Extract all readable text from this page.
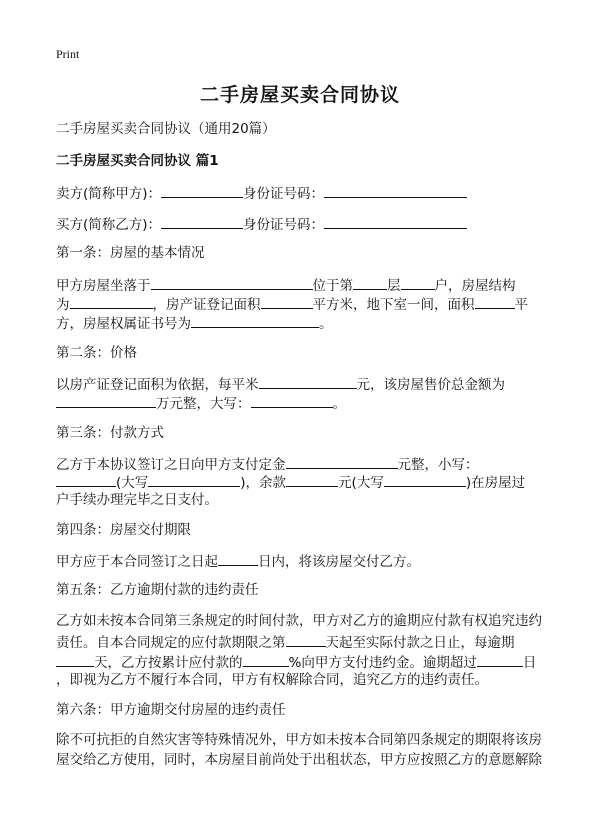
Print
二手房屋买卖合同协议
二手房屋买卖合同协议（通用20篇）
二手房屋买卖合同协议 篇1
卖方(简称甲方)：	身份证号码：
买方(简称乙方)：	身份证号码：
第一条：房屋的基本情况
甲方房屋坐落于	位于第	层	户，房屋结构
为	，房产证登记面积	平方米，地下室一间，面积	平
方，房屋权属证书号为	。
第二条：价格
以房产证登记面积为依据，每平米	元，该房屋售价总金额为
万元整，大写：	。
第三条：付款方式
乙方于本协议签订之日向甲方支付定金	元整，小写：
(大写	)，余款	元(大写	)在房屋过
户手续办理完毕之日支付。
第四条：房屋交付期限
甲方应于本合同签订之日起	日内，将该房屋交付乙方。
第五条：乙方逾期付款的违约责任
乙方如未按本合同第三条规定的时间付款，甲方对乙方的逾期应付款有权追究违约
责任。自本合同规定的应付款期限之第	天起至实际付款之日止，每逾期
天，乙方按累计应付款的	%向甲方支付违约金。逾期超过	日
，即视为乙方不履行本合同，甲方有权解除合同，追究乙方的违约责任。
第六条：甲方逾期交付房屋的违约责任
除不可抗拒的自然灾害等特殊情况外，甲方如未按本合同第四条规定的期限将该房
屋交给乙方使用，同时，本房屋目前尚处于出租状态，甲方应按照乙方的意愿解除
